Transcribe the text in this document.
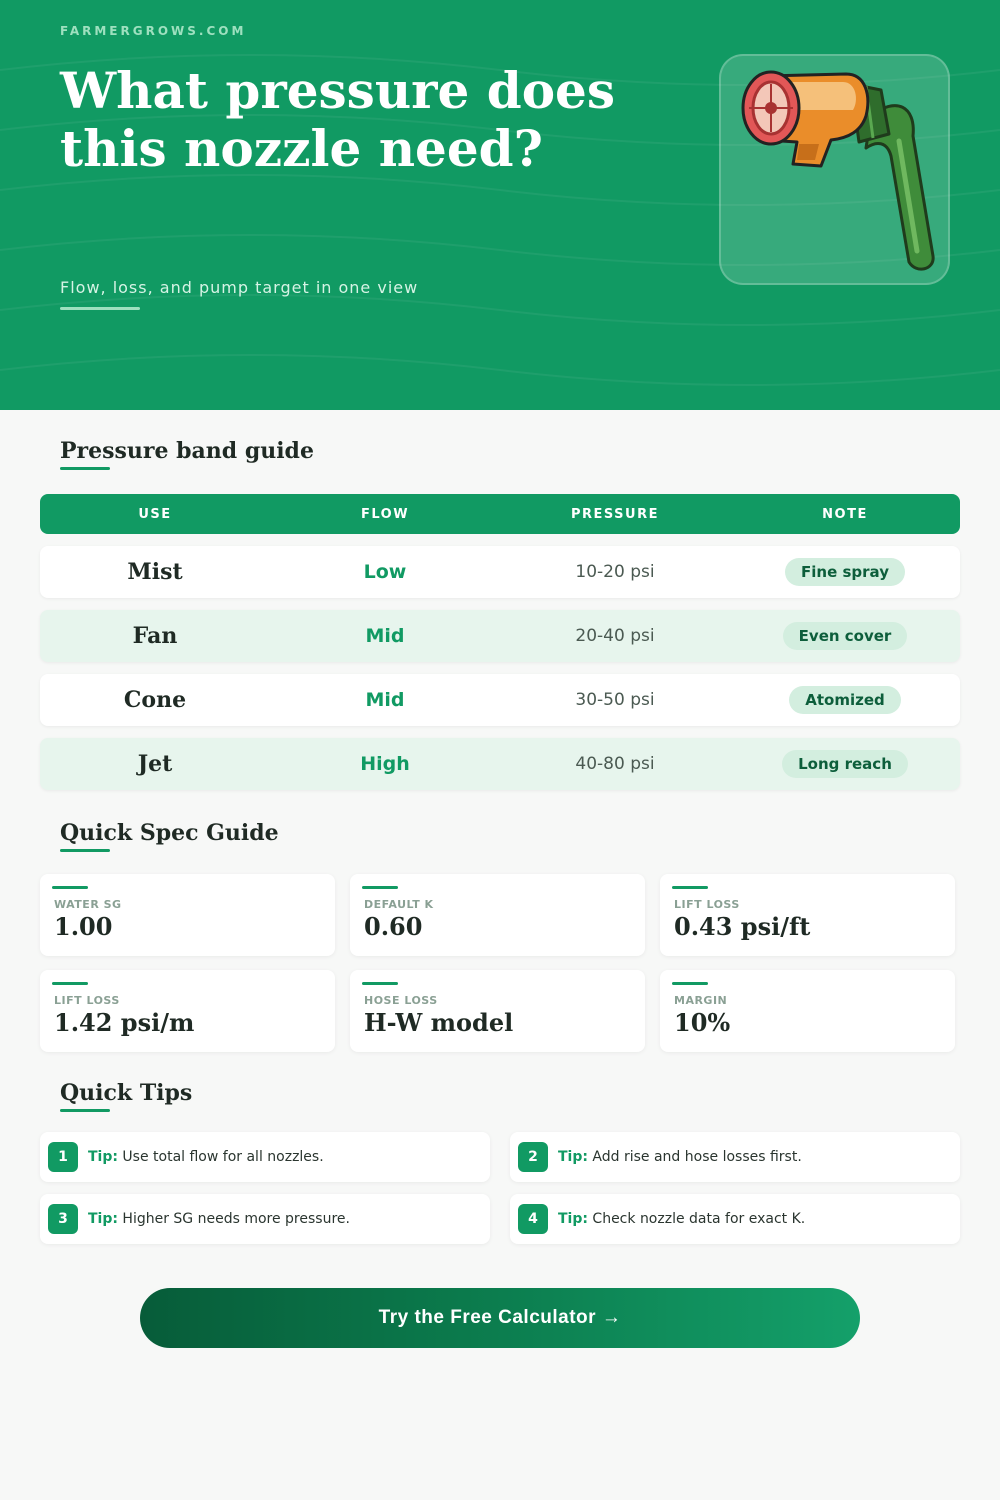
FARMERGROWS.COM
What pressure does this nozzle need?
Flow, loss, and pump target in one view
Pressure band guide
USE	FLOW	PRESSURE	NOTE
Mist	Low	10-20 psi	Fine spray
Fan	Mid	20-40 psi	Even cover
Cone	Mid	30-50 psi	Atomized
Jet	High	40-80 psi	Long reach
Quick Spec Guide
WATER SG
1.00
DEFAULT K
0.60
LIFT LOSS
0.43 psi/ft
LIFT LOSS
1.42 psi/m
HOSE LOSS
H-W model
MARGIN
10%
Quick Tips
1	Tip: Use total flow for all nozzles.	2	Tip: Add rise and hose losses first.
3	Tip: Higher SG needs more pressure.	4	Tip: Check nozzle data for exact K.
Try the Free Calculator →
